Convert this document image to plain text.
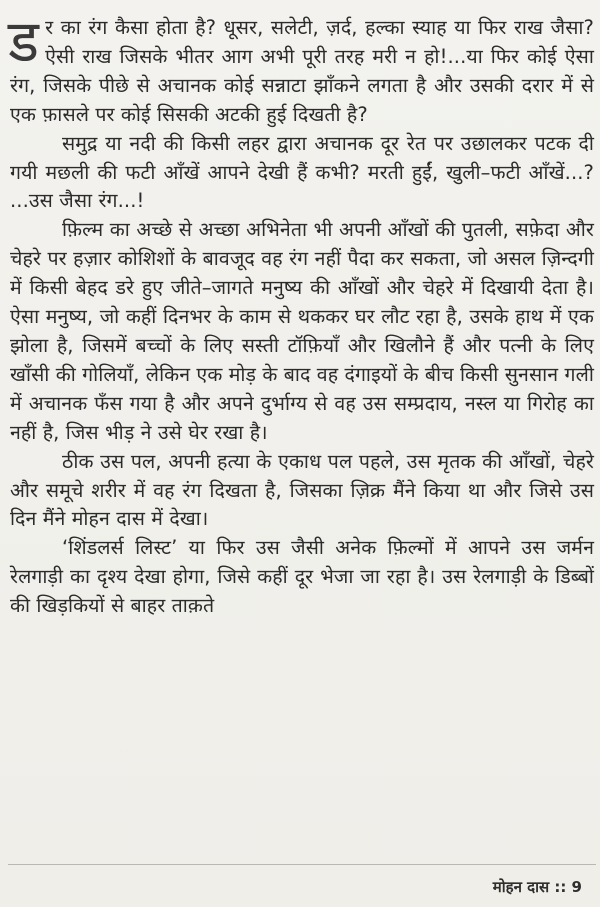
डर का रंग कैसा होता है? धूसर, सलेटी, ज़र्द, हल्का स्याह या फिर राख जैसा? ऐसी राख जिसके भीतर आग अभी पूरी तरह मरी न हो!...या फिर कोई ऐसा रंग, जिसके पीछे से अचानक कोई सन्नाटा झाँकने लगता है और उसकी दरार में से एक फ़ासले पर कोई सिसकी अटकी हुई दिखती है?

समुद्र या नदी की किसी लहर द्वारा अचानक दूर रेत पर उछालकर पटक दी गयी मछली की फटी आँखें आपने देखी हैं कभी? मरती हुईं, खुली–फटी आँखें...? ...उस जैसा रंग...!

फ़िल्म का अच्छे से अच्छा अभिनेता भी अपनी आँखों की पुतली, सफ़ेदा और चेहरे पर हज़ार कोशिशों के बावजूद वह रंग नहीं पैदा कर सकता, जो असल ज़िन्दगी में किसी बेहद डरे हुए जीते–जागते मनुष्य की आँखों और चेहरे में दिखायी देता है। ऐसा मनुष्य, जो कहीं दिनभर के काम से थककर घर लौट रहा है, उसके हाथ में एक झोला है, जिसमें बच्चों के लिए सस्ती टॉफ़ियाँ और खिलौने हैं और पत्नी के लिए खाँसी की गोलियाँ, लेकिन एक मोड़ के बाद वह दंगाइयों के बीच किसी सुनसान गली में अचानक फँस गया है और अपने दुर्भाग्य से वह उस सम्प्रदाय, नस्ल या गिरोह का नहीं है, जिस भीड़ ने उसे घेर रखा है।

ठीक उस पल, अपनी हत्या के एकाध पल पहले, उस मृतक की आँखों, चेहरे और समूचे शरीर में वह रंग दिखता है, जिसका ज़िक्र मैंने किया था और जिसे उस दिन मैंने मोहन दास में देखा।

‘शिंडलर्स लिस्ट’ या फिर उस जैसी अनेक फ़िल्मों में आपने उस जर्मन रेलगाड़ी का दृश्य देखा होगा, जिसे कहीं दूर भेजा जा रहा है। उस रेलगाड़ी के डिब्बों की खिड़कियों से बाहर ताक़ते

मोहन दास :: 9
